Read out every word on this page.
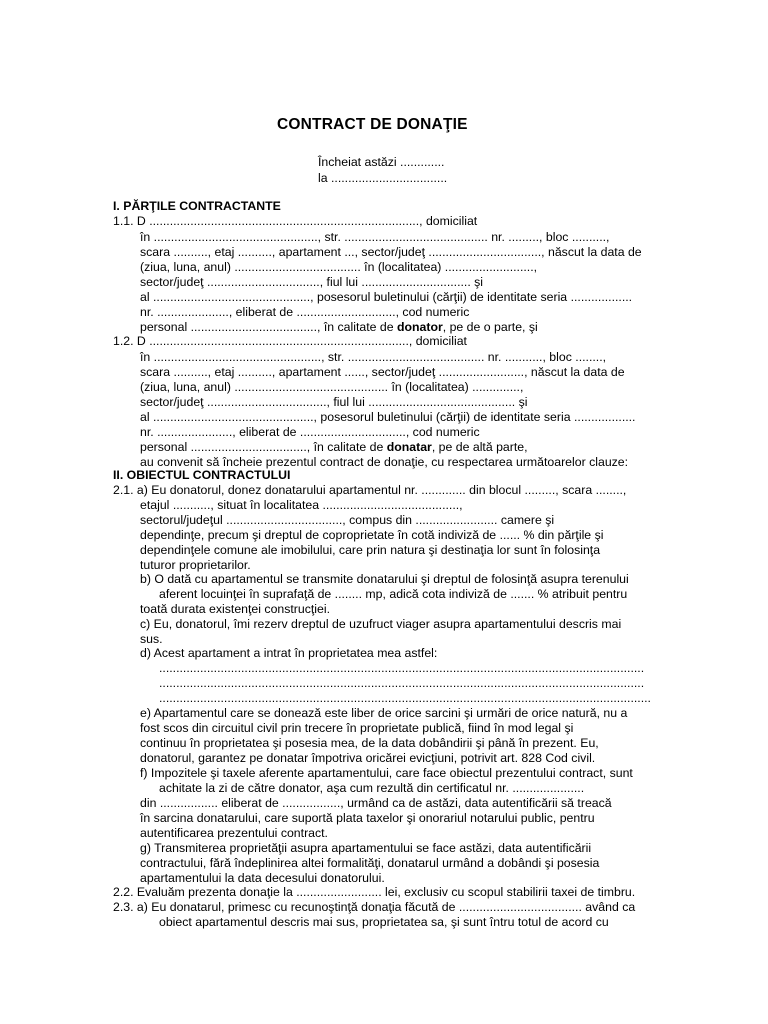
CONTRACT DE DONAŢIE
Încheiat astăzi .............
la ..................................
I. PĂRŢILE CONTRACTANTE
1.1. D ..............................................................................., domiciliat
în ................................................, str. .......................................... nr. ........., bloc ..........,
scara .........., etaj .........., apartament ..., sector/judeţ ................................., născut la data de
(ziua, luna, anul) ..................................... în (localitatea) ..........................,
sector/judeţ ................................., fiul lui ................................ şi
al .............................................., posesorul buletinului (cărţii) de identitate seria ..................
nr. ....................., eliberat de ............................., cod numeric
personal ....................................., în calitate de donator, pe de o parte, şi
1.2. D ............................................................................, domiciliat
în ................................................., str. ........................................ nr. ..........., bloc ........,
scara .........., etaj .........., apartament ......, sector/judeţ ........................., născut la data de
(ziua, luna, anul) ............................................. în (localitatea) ..............,
sector/judeţ ..................................., fiul lui ........................................... şi
al ..............................................., posesorul buletinului (cărţii) de identitate seria ..................
nr. ......................, eliberat de ..............................., cod numeric
personal .................................., în calitate de donatar, pe de altă parte,
au convenit să încheie prezentul contract de donaţie, cu respectarea următoarelor clauze:
II. OBIECTUL CONTRACTULUI
2.1. a) Eu donatorul, donez donatarului apartamentul nr. ............. din blocul ........., scara ........,
etajul ..........., situat în localitatea ........................................,
sectorul/judeţul .................................., compus din ........................ camere şi
dependinţe, precum şi dreptul de coproprietate în cotă indiviză de ...... % din părţile şi
dependinţele comune ale imobilului, care prin natura şi destinaţia lor sunt în folosinţa
tuturor proprietarilor.
b) O dată cu apartamentul se transmite donatarului şi dreptul de folosinţă asupra terenului
aferent locuinţei în suprafaţă de ........ mp, adică cota indiviză de ....... % atribuit pentru
toată durata existenţei construcţiei.
c) Eu, donatorul, îmi rezerv dreptul de uzufruct viager asupra apartamentului descris mai
sus.
d) Acest apartament a intrat în proprietatea mea astfel:
..............................................................................................................................................
..............................................................................................................................................
................................................................................................................................................
e) Apartamentul care se donează este liber de orice sarcini şi urmări de orice natură, nu a
fost scos din circuitul civil prin trecere în proprietate publică, fiind în mod legal şi
continuu în proprietatea şi posesia mea, de la data dobândirii şi până în prezent. Eu,
donatorul, garantez pe donatar împotriva oricărei evicţiuni, potrivit art. 828 Cod civil.
f) Impozitele şi taxele aferente apartamentului, care face obiectul prezentului contract, sunt
achitate la zi de către donator, aşa cum rezultă din certificatul nr. .....................
din ................. eliberat de ................., urmând ca de astăzi, data autentificării să treacă
în sarcina donatarului, care suportă plata taxelor şi onorariul notarului public, pentru
autentificarea prezentului contract.
g) Transmiterea proprietăţii asupra apartamentului se face astăzi, data autentificării
contractului, fără îndeplinirea altei formalităţi, donatarul urmând a dobândi şi posesia
apartamentului la data decesului donatorului.
2.2. Evaluăm prezenta donaţie la ......................... lei, exclusiv cu scopul stabilirii taxei de timbru.
2.3. a) Eu donatarul, primesc cu recunoştinţă donaţia făcută de .................................... având ca
obiect apartamentul descris mai sus, proprietatea sa, şi sunt întru totul de acord cu
